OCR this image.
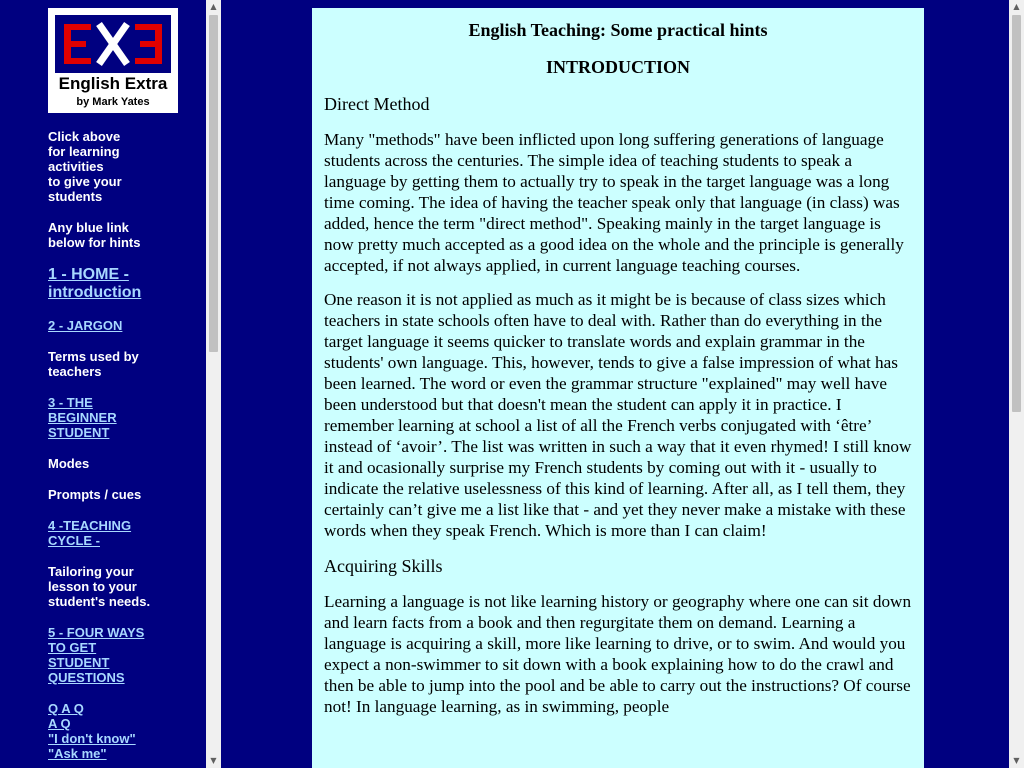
English Extra
by Mark Yates
Click above
for learning
activities
to give your
students
Any blue link
below for hints
1 - HOME -
introduction
2 - JARGON
Terms used by
teachers
3 - THE
BEGINNER
STUDENT
Modes
Prompts / cues
4 -TEACHING
CYCLE -
Tailoring your
lesson to your
student's needs.
5 - FOUR WAYS
TO GET
STUDENT
QUESTIONS
Q A Q
A Q
"I don't know"
"Ask me"
▲
▼
English Teaching: Some practical hints
INTRODUCTION
Direct Method

Many "methods" have been inflicted upon long suffering generations of language students across the centuries. The simple idea of teaching students to speak a language by getting them to actually try to speak in the target language was a long time coming. The idea of having the teacher speak only that language (in class) was added, hence the term "direct method". Speaking mainly in the target language is now pretty much accepted as a good idea on the whole and the principle is generally accepted, if not always applied, in current language teaching courses.

One reason it is not applied as much as it might be is because of class sizes which teachers in state schools often have to deal with. Rather than do everything in the target language it seems quicker to translate words and explain grammar in the students' own language. This, however, tends to give a false impression of what has been learned. The word or even the grammar structure "explained" may well have been understood but that doesn't mean the student can apply it in practice. I remember learning at school a list of all the French verbs conjugated with ‘être’ instead of ‘avoir’. The list was written in such a way that it even rhymed! I still know it and ocasionally surprise my French students by coming out with it - usually to indicate the relative uselessness of this kind of learning. After all, as I tell them, they certainly can’t give me a list like that - and yet they never make a mistake with these words when they speak French. Which is more than I can claim!

Acquiring Skills

Learning a language is not like learning history or geography where one can sit down and learn facts from a book and then regurgitate them on demand. Learning a language is acquiring a skill, more like learning to drive, or to swim. And would you expect a non-swimmer to sit down with a book explaining how to do the crawl and then be able to jump into the pool and be able to carry out the instructions? Of course not! In language learning, as in swimming, people

▲
▼
